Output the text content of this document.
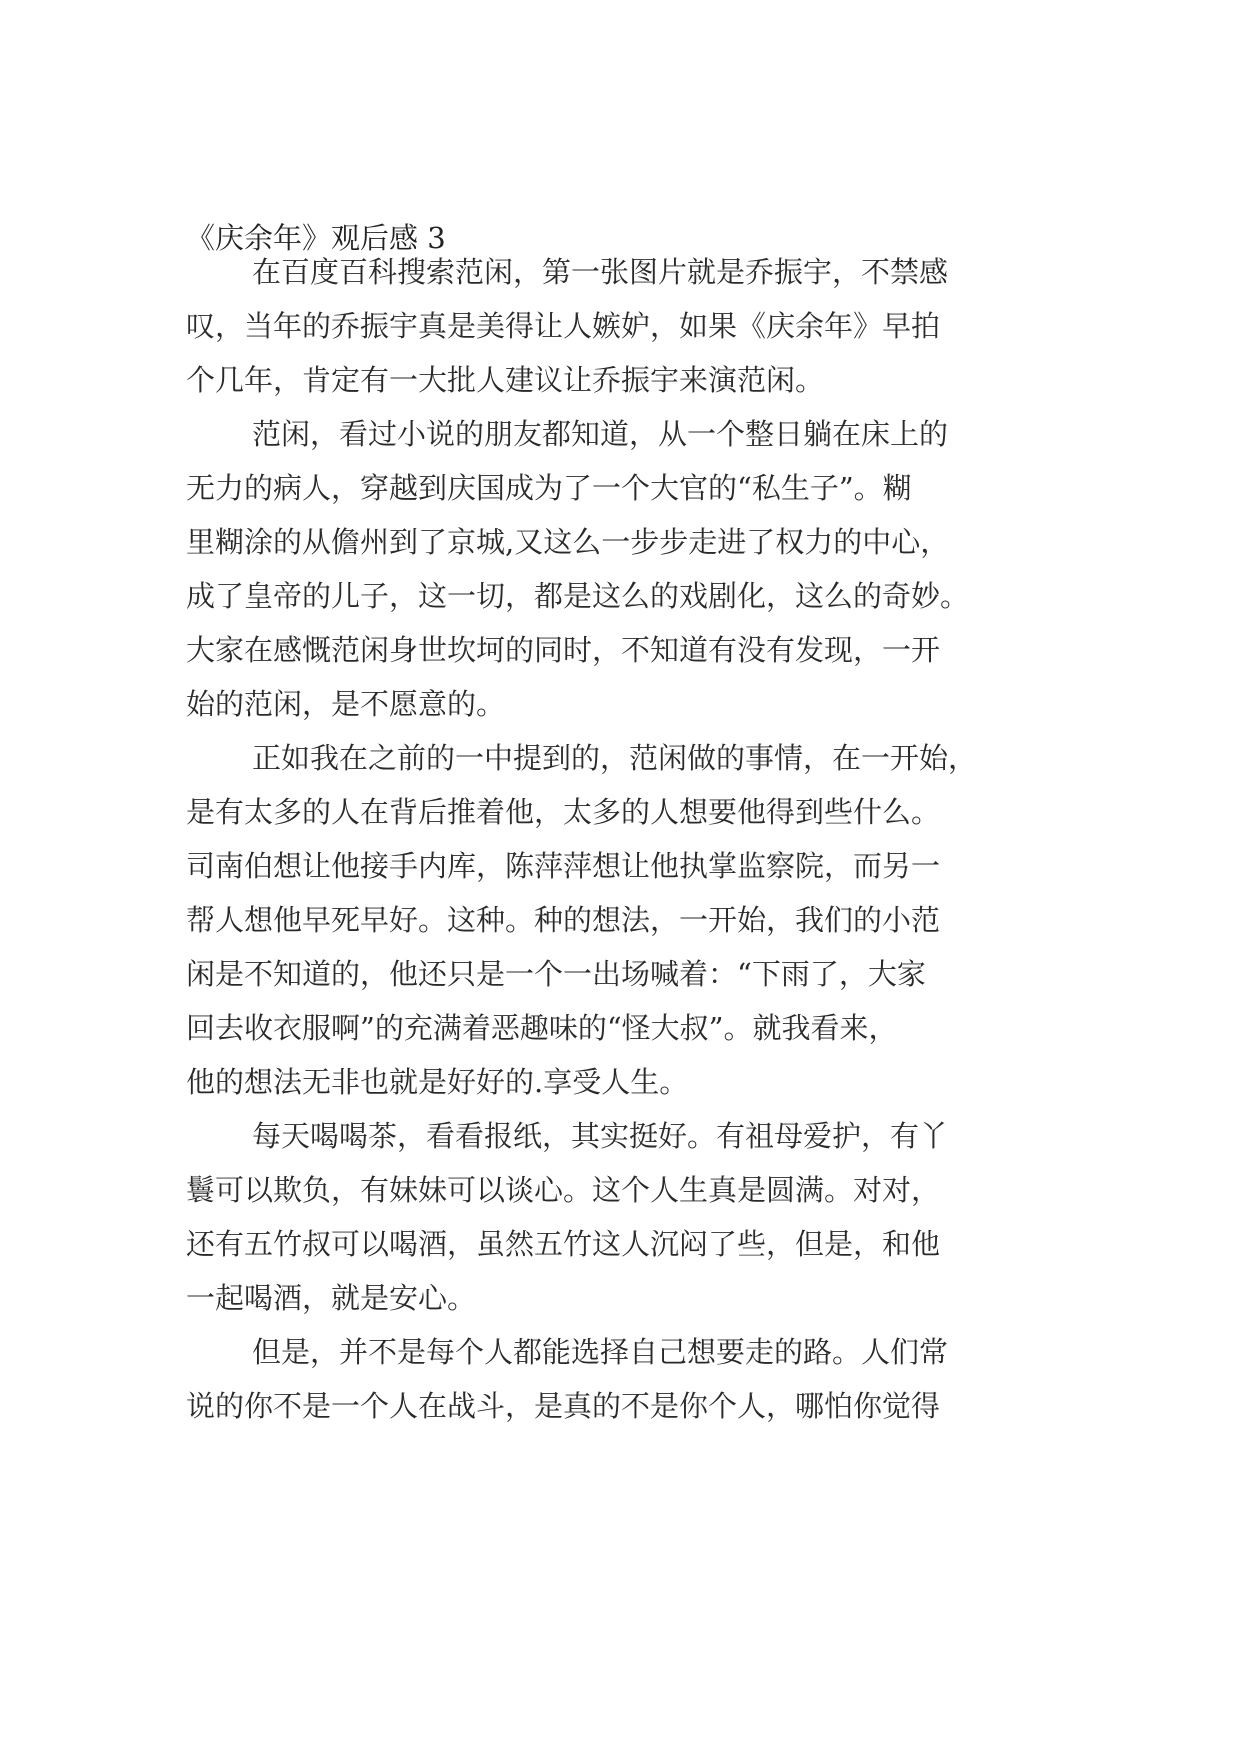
《庆余年》观后感 3
在百度百科搜索范闲，第一张图片就是乔振宇，不禁感
叹，当年的乔振宇真是美得让人嫉妒，如果《庆余年》早拍
个几年，肯定有一大批人建议让乔振宇来演范闲。
范闲，看过小说的朋友都知道，从一个整日躺在床上的
无力的病人，穿越到庆国成为了一个大官的“私生子”。糊
里糊涂的从儋州到了京城,又这么一步步走进了权力的中心，
成了皇帝的儿子，这一切，都是这么的戏剧化，这么的奇妙。
大家在感慨范闲身世坎坷的同时，不知道有没有发现，一开
始的范闲，是不愿意的。
正如我在之前的一中提到的，范闲做的事情，在一开始，
是有太多的人在背后推着他，太多的人想要他得到些什么。
司南伯想让他接手内库，陈萍萍想让他执掌监察院，而另一
帮人想他早死早好。这种。种的想法，一开始，我们的小范
闲是不知道的，他还只是一个一出场喊着：“下雨了，大家
回去收衣服啊”的充满着恶趣味的“怪大叔”。就我看来，
他的想法无非也就是好好的.享受人生。
每天喝喝茶，看看报纸，其实挺好。有祖母爱护，有丫
鬟可以欺负，有妹妹可以谈心。这个人生真是圆满。对对，
还有五竹叔可以喝酒，虽然五竹这人沉闷了些，但是，和他
一起喝酒，就是安心。
但是，并不是每个人都能选择自己想要走的路。人们常
说的你不是一个人在战斗，是真的不是你个人，哪怕你觉得
